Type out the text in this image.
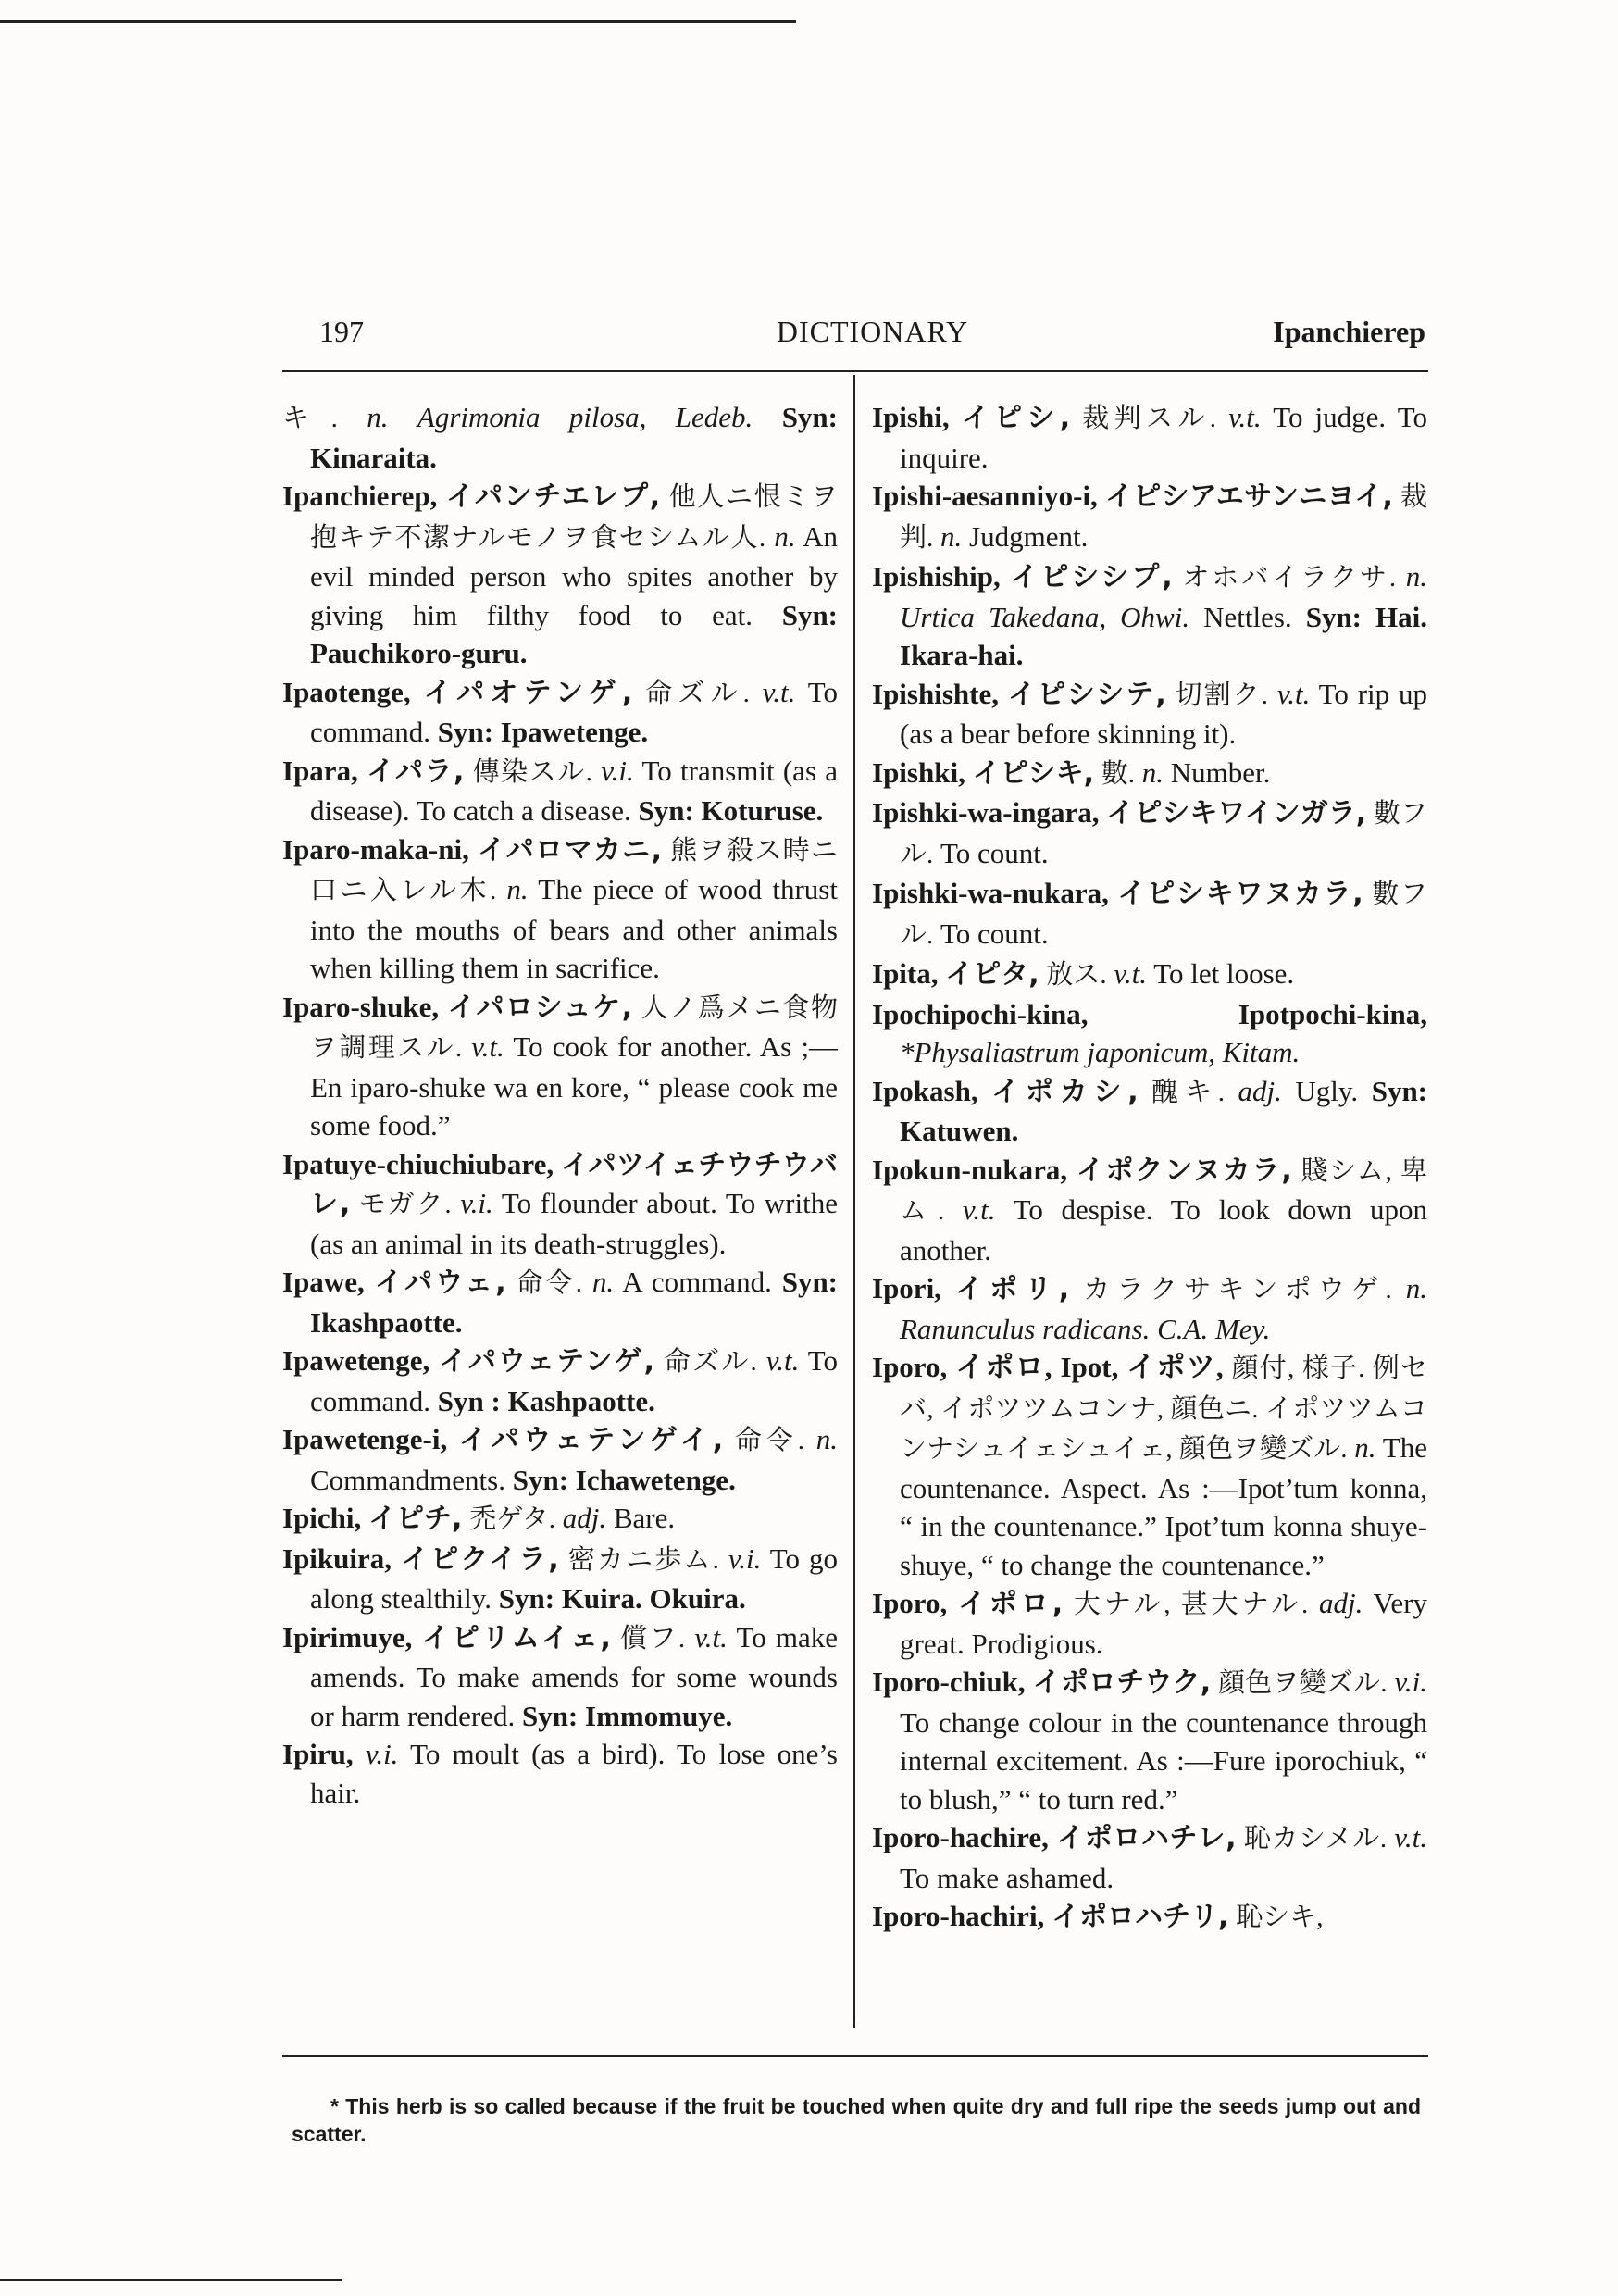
197	DICTIONARY	Ipanchierep
キ. n. Agrimonia pilosa, Ledeb. Syn: Kinaraita.
Ipanchierep, イパンチエレプ, 他人ニ恨ミヲ抱キテ不潔ナルモノヲ食セシムル人. n. An evil minded person who spites another by giving him filthy food to eat. Syn: Pauchikoro-guru.
Ipaotenge, イパオテンゲ, 命ズル. v.t. To command. Syn: Ipawetenge.
Ipara, イパラ, 傳染スル. v.i. To transmit (as a disease). To catch a disease. Syn: Koturuse.
Iparo-maka-ni, イパロマカニ, 熊ヲ殺ス時ニ口ニ入レル木. n. The piece of wood thrust into the mouths of bears and other animals when killing them in sacrifice.
Iparo-shuke, イパロシュケ, 人ノ爲メニ食物ヲ調理スル. v.t. To cook for another. As ;—En iparo-shuke wa en kore, “ please cook me some food.”
Ipatuye-chiuchiubare, イパツイェチウチウバレ, モガク. v.i. To flounder about. To writhe (as an animal in its death-struggles).
Ipawe, イパウェ, 命令. n. A command. Syn: Ikashpaotte.
Ipawetenge, イパウェテンゲ, 命ズル. v.t. To command. Syn : Kashpaotte.
Ipawetenge-i, イパウェテンゲイ, 命令. n. Commandments. Syn: Ichawetenge.
Ipichi, イピチ, 禿ゲタ. adj. Bare.
Ipikuira, イピクイラ, 密カニ歩ム. v.i. To go along stealthily. Syn: Kuira. Okuira.
Ipirimuye, イピリムイェ, 償フ. v.t. To make amends. To make amends for some wounds or harm rendered. Syn: Immomuye.
Ipiru, v.i. To moult (as a bird). To lose one’s hair.
Ipishi, イピシ, 裁判スル. v.t. To judge. To inquire.
Ipishi-aesanniyo-i, イピシアエサンニヨイ, 裁判. n. Judgment.
Ipishiship, イピシシプ, オホバイラクサ. n. Urtica Takedana, Ohwi. Nettles. Syn: Hai. Ikara-hai.
Ipishishte, イピシシテ, 切割ク. v.t. To rip up (as a bear before skinning it).
Ipishki, イピシキ, 數. n. Number.
Ipishki-wa-ingara, イピシキワインガラ, 數フル. To count.
Ipishki-wa-nukara, イピシキワヌカラ, 數フル. To count.
Ipita, イピタ, 放ス. v.t. To let loose.
Ipochipochi-kina, Ipotpochi-kina, *Physaliastrum japonicum, Kitam.
Ipokash, イポカシ, 醜キ. adj. Ugly. Syn: Katuwen.
Ipokun-nukara, イポクンヌカラ, 賤シム, 卑ム. v.t. To despise. To look down upon another.
Ipori, イポリ, カラクサキンポウゲ. n. Ranunculus radicans. C.A. Mey.
Iporo, イポロ, Ipot, イポツ, 顔付, 様子. 例セバ, イポツツムコンナ, 顔色ニ. イポツツムコンナシュイェシュイェ, 顔色ヲ變ズル. n. The countenance. Aspect. As :—Ipot’tum konna, “ in the countenance.” Ipot’tum konna shuye-shuye, “ to change the countenance.”
Iporo, イポロ, 大ナル, 甚大ナル. adj. Very great. Prodigious.
Iporo-chiuk, イポロチウク, 顔色ヲ變ズル. v.i. To change colour in the countenance through internal excitement. As :—Fure iporochiuk, “ to blush,” “ to turn red.”
Iporo-hachire, イポロハチレ, 恥カシメル. v.t. To make ashamed.
Iporo-hachiri, イポロハチリ, 恥シキ,
* This herb is so called because if the fruit be touched when quite dry and full ripe the seeds jump out and scatter.
